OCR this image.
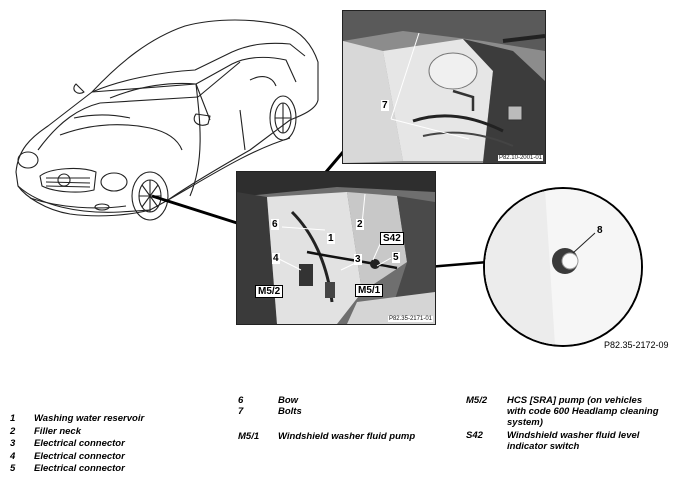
7
P82.10-2001-01
6
1
2
4	3	5
S42
M5/2	M5/1
P82.35-2171-01
8
P82.35-2172-09
1 Washing water reservoir
2 Filler neck
3 Electrical connector
4 Electrical connector
5 Electrical connector
6	Bow
7	Bolts
M5/1 Windshield washer fluid pump
M5/2 HCS [SRA] pump (on vehicles
with code 600 Headlamp cleaning
system)
S42	Windshield washer fluid level
indicator switch
